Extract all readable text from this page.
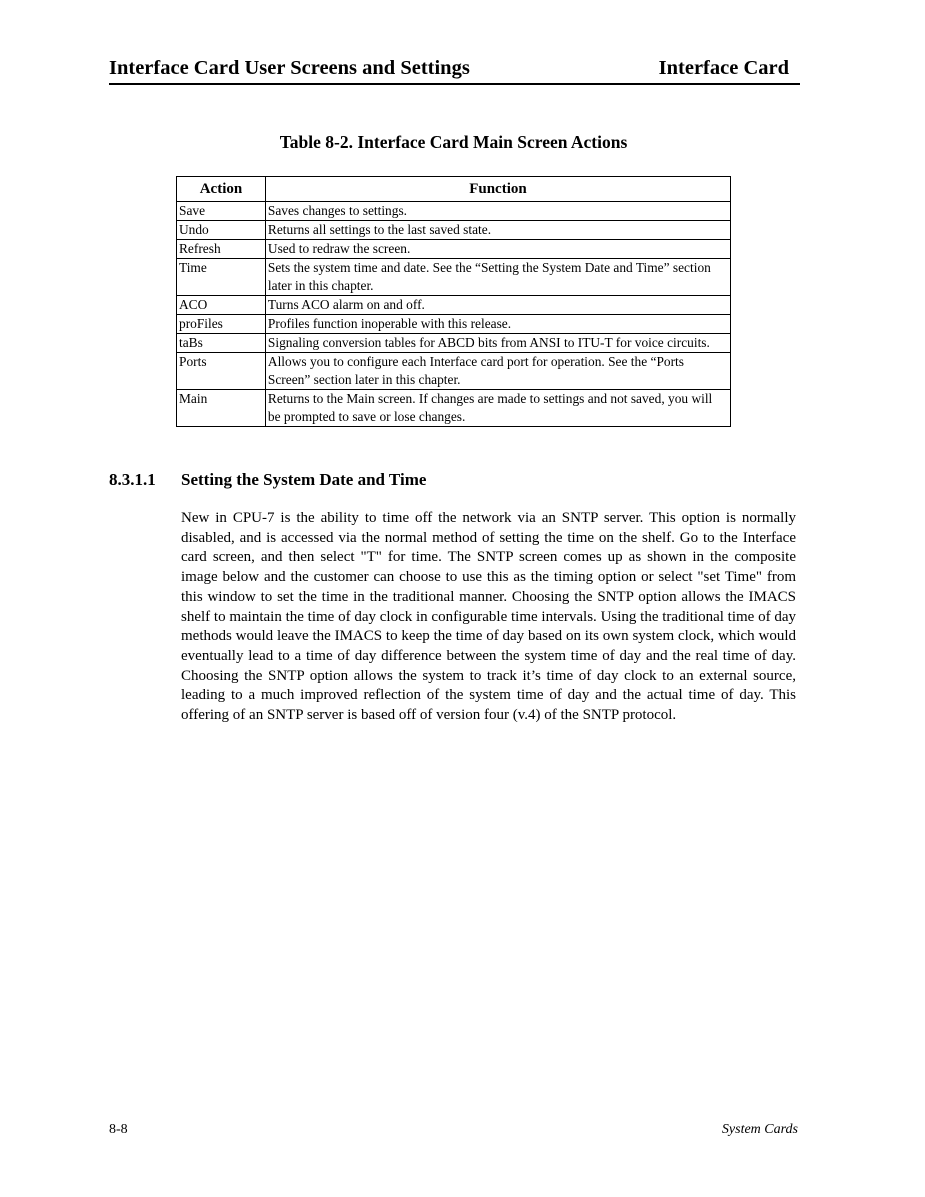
Interface Card User Screens and Settings	Interface Card
Table 8-2. Interface Card Main Screen Actions
Action	Function
Save	Saves changes to settings.
Undo	Returns all settings to the last saved state.
Refresh	Used to redraw the screen.
Time	Sets the system time and date. See the “Setting the System Date and Time” section later in this chapter.
ACO	Turns ACO alarm on and off.
proFiles	Profiles function inoperable with this release.
taBs	Signaling conversion tables for ABCD bits from ANSI to ITU-T for voice circuits.
Ports	Allows you to configure each Interface card port for operation. See the “Ports Screen” section later in this chapter.
Main	Returns to the Main screen. If changes are made to settings and not saved, you will be prompted to save or lose changes.
8.3.1.1 Setting the System Date and Time

New in CPU-7 is the ability to time off the network via an SNTP server. This option is normally disabled, and is accessed via the normal method of setting the time on the shelf. Go to the Interface card screen, and then select "T" for time. The SNTP screen comes up as shown in the composite image below and the customer can choose to use this as the timing option or select "set Time" from this window to set the time in the traditional manner. Choosing the SNTP option allows the IMACS shelf to maintain the time of day clock in configurable time intervals. Using the traditional time of day methods would leave the IMACS to keep the time of day based on its own system clock, which would eventually lead to a time of day difference between the system time of day and the real time of day. Choosing the SNTP option allows the system to track it’s time of day clock to an external source, leading to a much improved reflection of the system time of day and the actual time of day. This offering of an SNTP server is based off of version four (v.4) of the SNTP protocol.

8-8	System Cards
